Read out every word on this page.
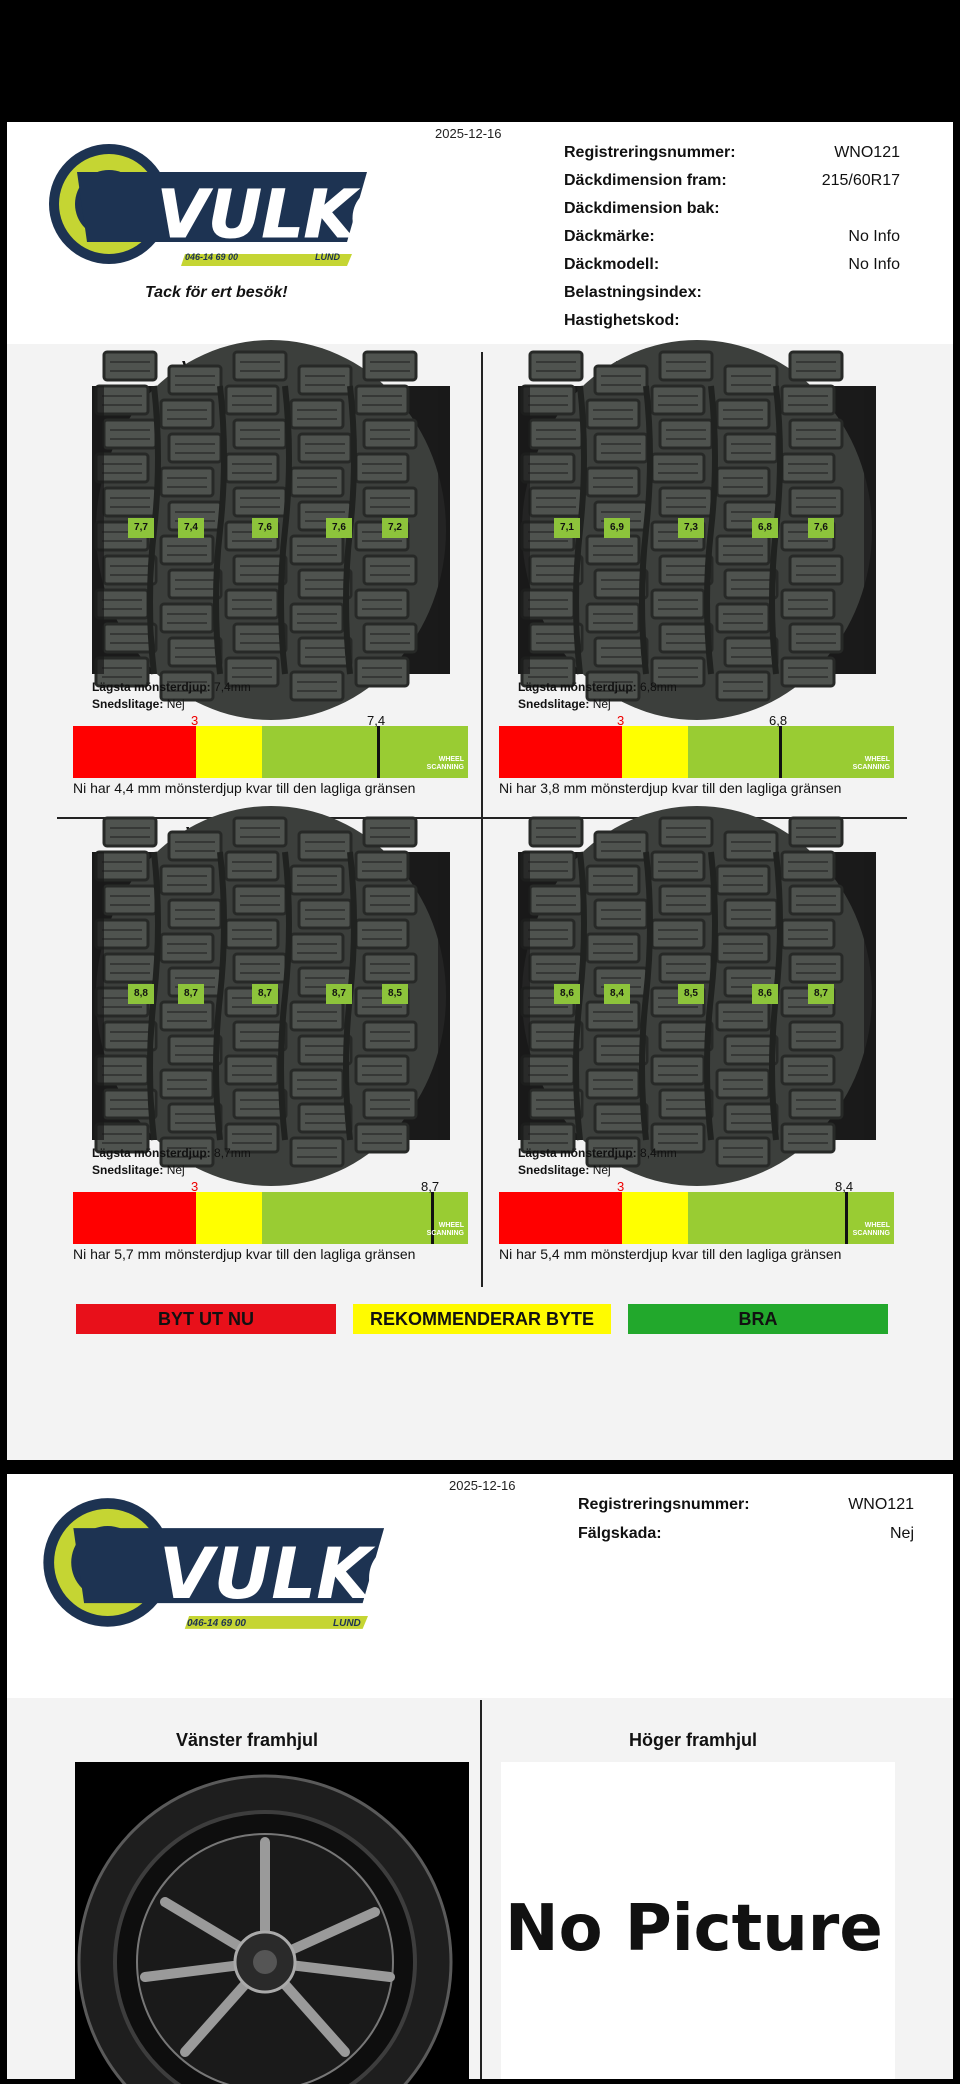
2025-12-16
VULKO
046-14 69 00	LUND
Tack för ert besök!
Registreringsnummer:	WNO121
Däckdimension fram:	215/60R17
Däckdimension bak:
Däckmärke:	No Info
Däckmodell:	No Info
Belastningsindex:
Hastighetskod:
7,7	7,4	7,6	7,6	7,2
Lägsta mönsterdjup: 7,4mm
Snedslitage: Nej
3	7,4
WHEEL
SCANNING
Ni har 4,4 mm mönsterdjup kvar till den lagliga gränsen
7,1	6,9	7,3	6,8	7,6
Lägsta mönsterdjup: 6,8mm
Snedslitage: Nej
3	6,8
WHEEL
SCANNING
Ni har 3,8 mm mönsterdjup kvar till den lagliga gränsen
8,8	8,7	8,7	8,7	8,5
Lägsta mönsterdjup: 8,7mm
Snedslitage: Nej
3	8,7
WHEEL
SCANNING
Ni har 5,7 mm mönsterdjup kvar till den lagliga gränsen
8,6	8,4	8,5	8,6	8,7
Lägsta mönsterdjup: 8,4mm
Snedslitage: Nej
3	8,4
WHEEL
SCANNING
Ni har 5,4 mm mönsterdjup kvar till den lagliga gränsen
BYT UT NU	REKOMMENDERAR BYTE	BRA
2025-12-16
VULKO
046-14 69 00	LUND
Registreringsnummer:	WNO121
Fälgskada:	Nej
Vänster framhjul	Höger framhjul
No Picture
